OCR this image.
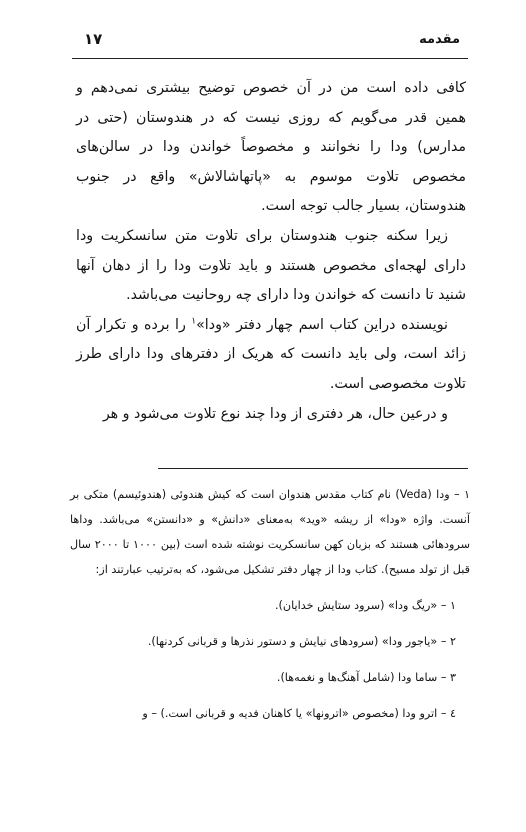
مقدمه
۱۷

کافی داده است من در آن خصوص توضیح بیشتری نمی‌دهم و همین قدر می‌گویم که روزی نیست که در هندوستان (حتی در مدارس) ودا را نخوانند و مخصوصاً خواندن ودا در سالن‌های مخصوص تلاوت موسوم به «پاتهاشالاش» واقع در جنوب هندوستان، بسیار جالب توجه است.

زیرا سکنه جنوب هندوستان برای تلاوت متن سانسکریت ودا دارای لهجه‌ای مخصوص هستند و باید تلاوت ودا را از دهان آنها شنید تا دانست که خواندن ودا دارای چه روحانیت می‌باشد.

نویسنده دراین کتاب اسم چهار دفتر «ودا»$^۱$ را برده و تکرار آن زائد است، ولی باید دانست که هریک از دفترهای ودا دارای طرز تلاوت مخصوصی است.

و درعین حال، هر دفتری از ودا چند نوع تلاوت می‌شود و هر

۱ – ودا (Veda) نام کتاب مقدس هندوان است که کیش هندوئی (هندوئیسم) متکی بر آنست. واژه «ودا» از ریشه «وید» به‌معنای «دانش» و «دانستن» می‌باشد. وداها سرودهائی هستند که بزبان کهن سانسکریت نوشته شده است (بین ۱۰۰۰ تا ۲۰۰۰ سال قبل از تولد مسیح). کتاب ودا از چهار دفتر تشکیل می‌شود، که به‌ترتیب عبارتند از:

۱ – «ریگ ودا» (سرود ستایش خدایان).

۲ – «یاجور ودا» (سرودهای نیایش و دستور نذرها و قربانی کردنها).

۳ – ساما ودا (شامل آهنگ‌ها و نغمه‌ها).

٤ – اترو ودا (مخصوص «اترونها» یا کاهنان فدیه و قربانی است.) – و
